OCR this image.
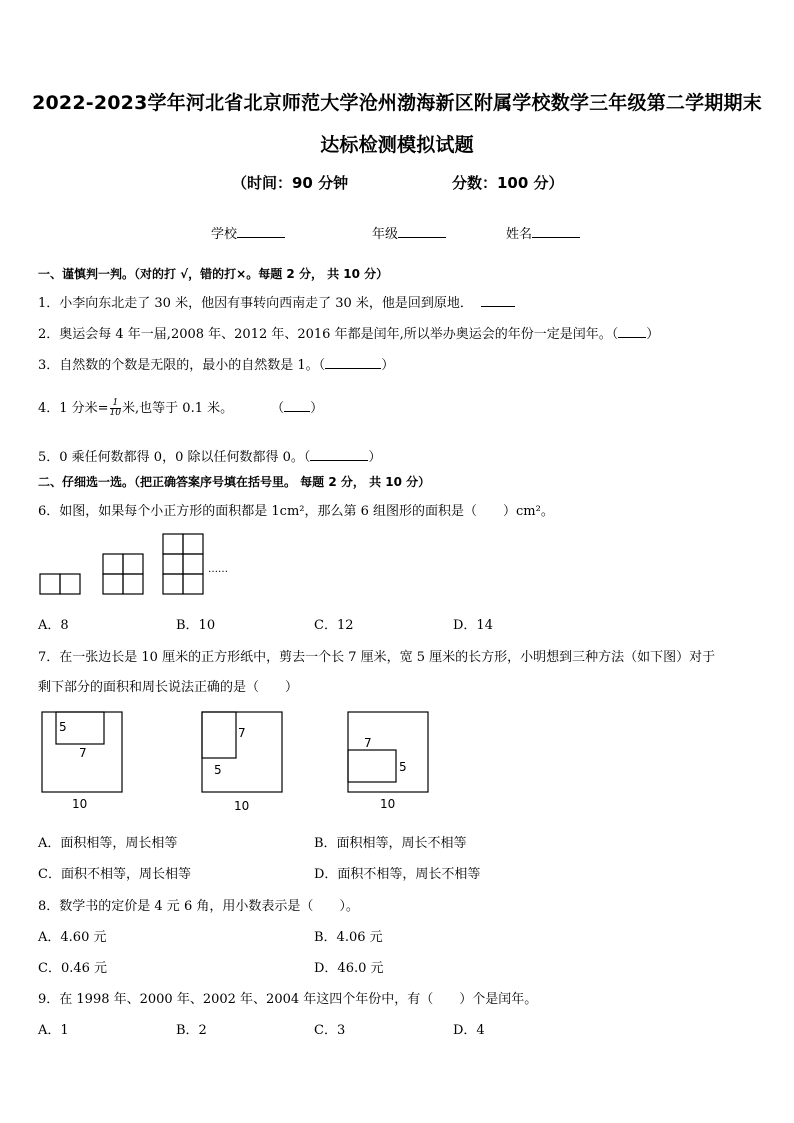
2022-2023学年河北省北京师范大学沧州渤海新区附属学校数学三年级第二学期期末
达标检测模拟试题
（时间：90 分钟	分数：100 分）
学校	年级	姓名
一、谨慎判一判。（对的打 √，错的打×。每题 2 分， 共 10 分）
1．小李向东北走了 30 米，他因有事转向西南走了 30 米，他是回到原地．
2．奥运会每 4 年一届,2008 年、2012 年、2016 年都是闰年,所以举办奥运会的年份一定是闰年。（ ）
3．自然数的个数是无限的，最小的自然数是 1。（	）
4．1 分米= $\frac{1}{10}$ 米,也等于 0.1 米。	（ ）
5．0 乘任何数都得 0，0 除以任何数都得 0。（	）
二、仔细选一选。（把正确答案序号填在括号里。 每题 2 分， 共 10 分）
6．如图，如果每个小正方形的面积都是 1cm²，那么第 6 组图形的面积是（　　）cm²。
……
A．8	B．10	C．12	D．14
7．在一张边长是 10 厘米的正方形纸中，剪去一个长 7 厘米，宽 5 厘米的长方形，小明想到三种方法（如下图）对于
剩下部分的面积和周长说法正确的是（　　）
5
7
10
7
5
10
7
5
10
A．面积相等，周长相等	B．面积相等，周长不相等
C．面积不相等，周长相等	D．面积不相等，周长不相等
8．数学书的定价是 4 元 6 角，用小数表示是（　　）。
A．4.60 元	B．4.06 元
C．0.46 元	D．46.0 元
9．在 1998 年、2000 年、2002 年、2004 年这四个年份中，有（　　）个是闰年。
A．1	B．2	C．3	D．4
